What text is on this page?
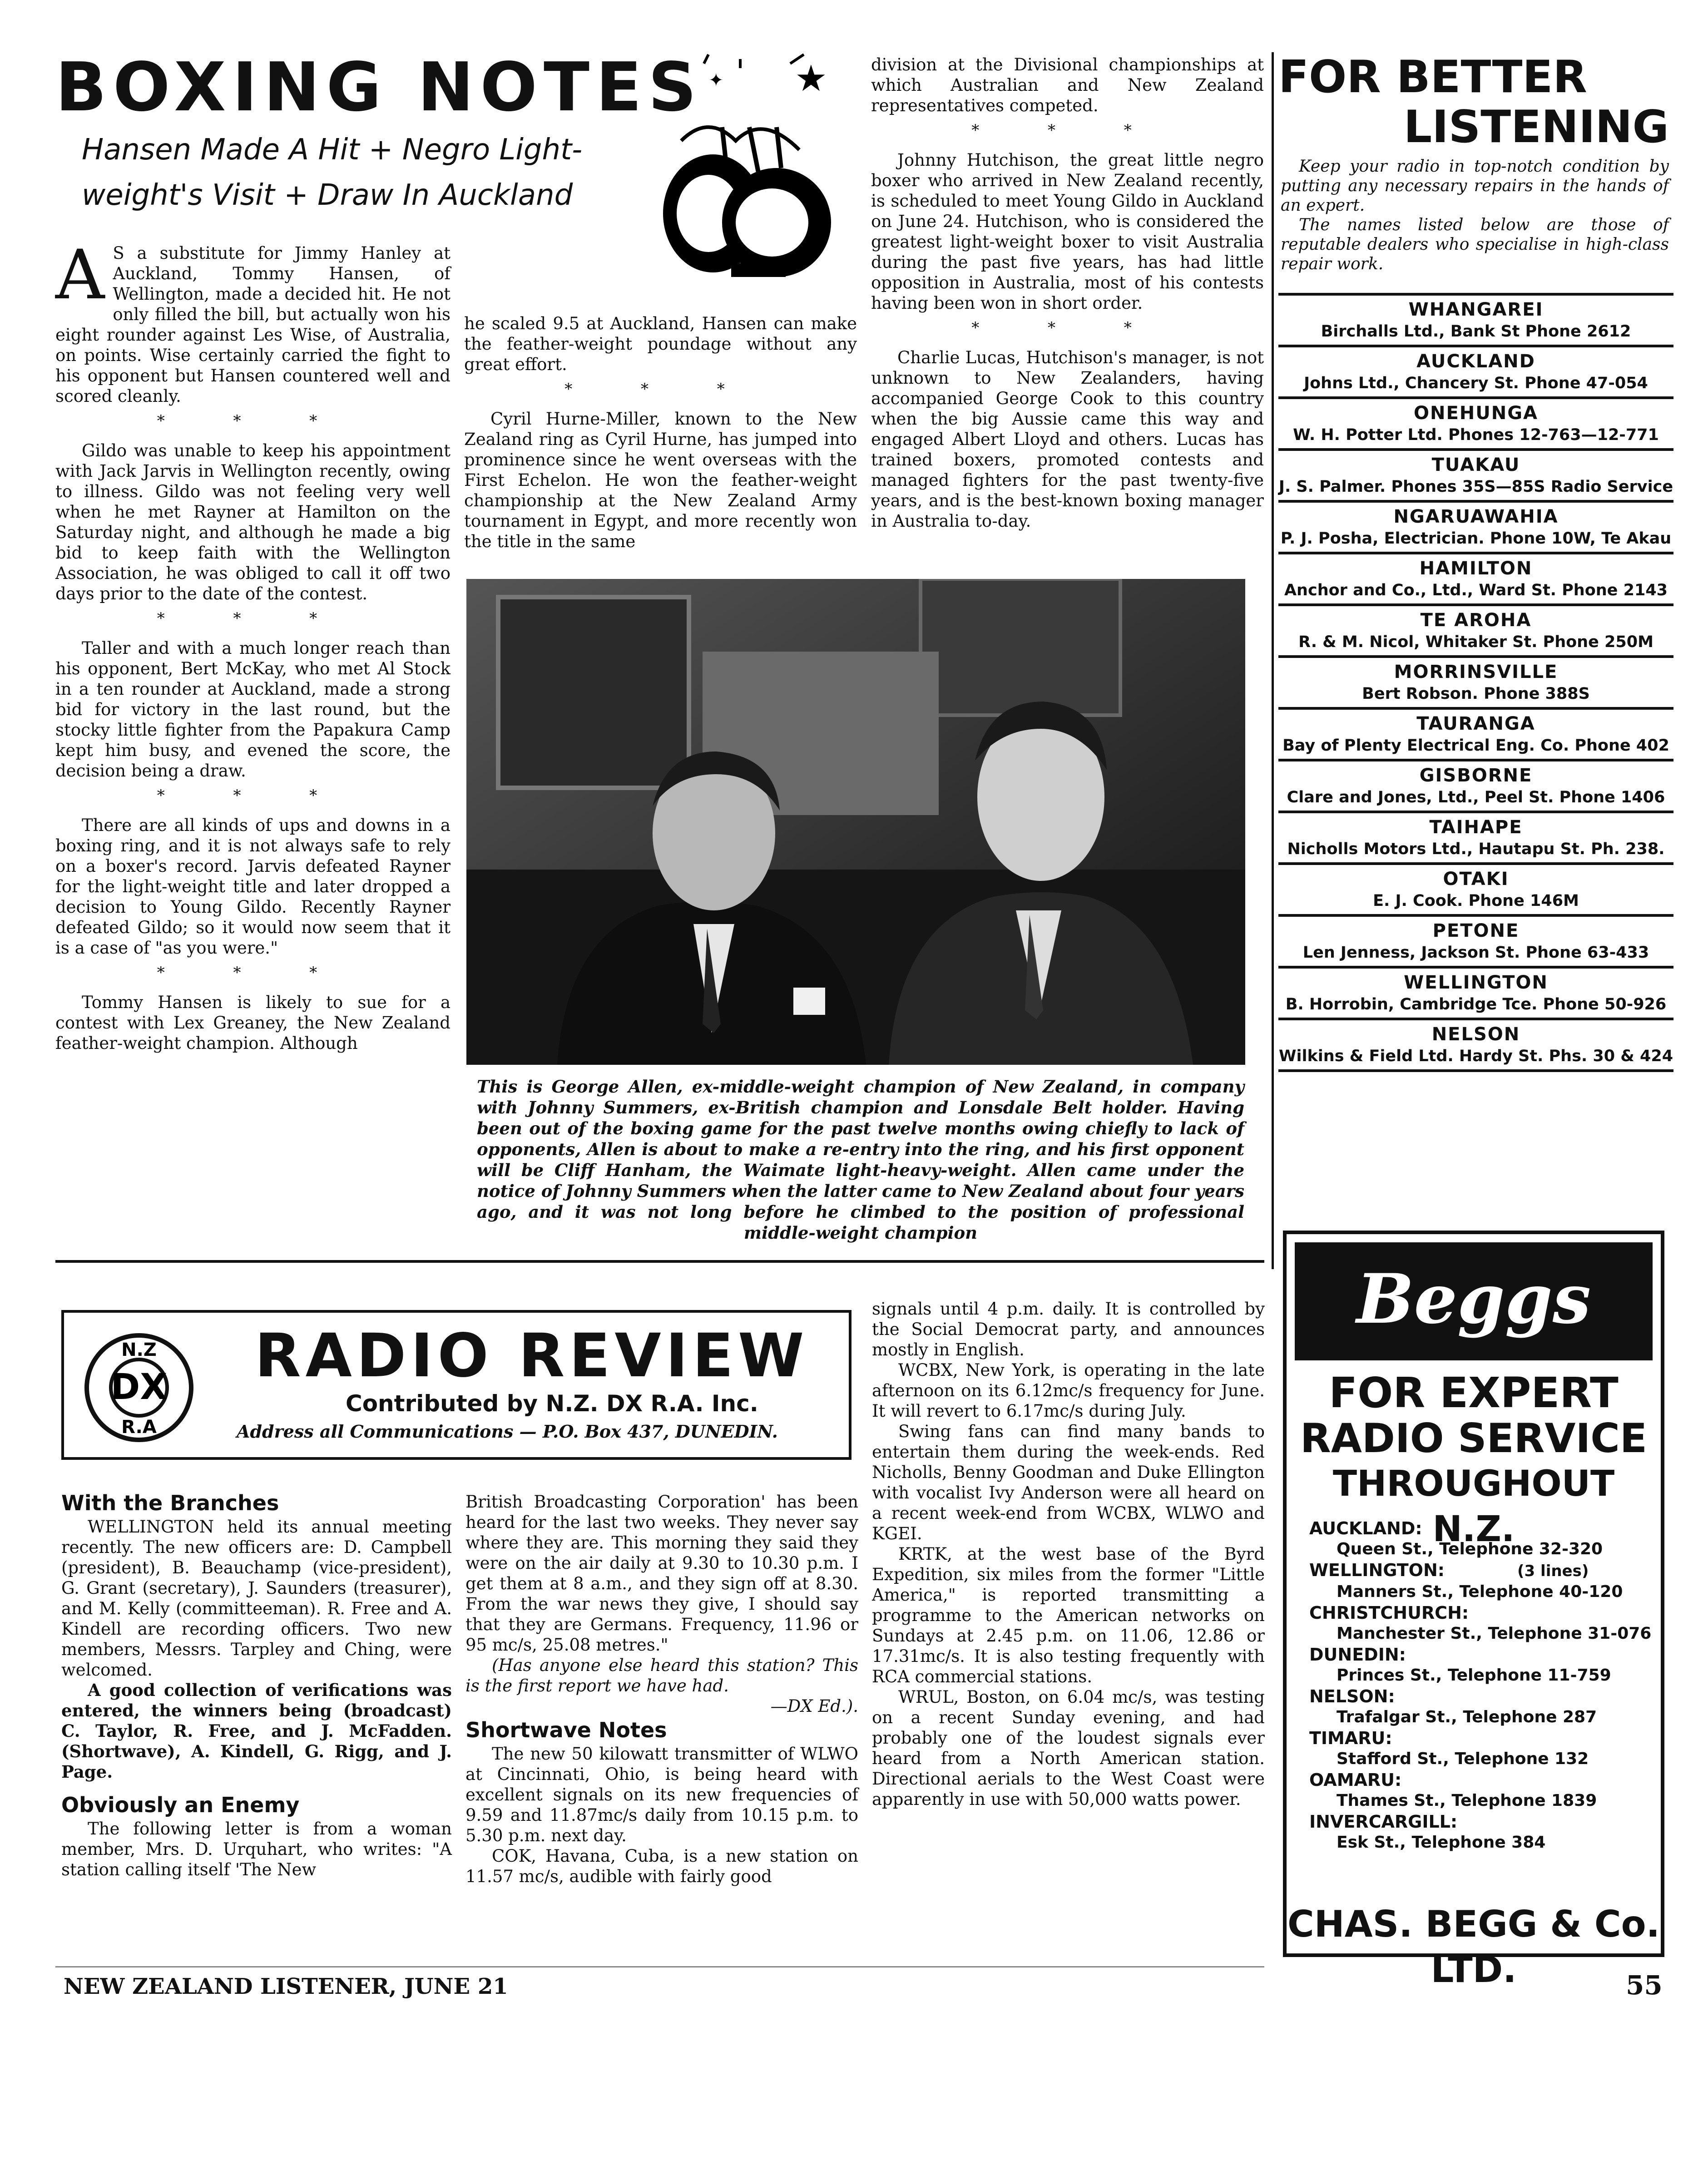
BOXING NOTES
Hansen Made A Hit + Negro Light-
weight's Visit + Draw In Auckland
★
✦

A S a substitute for Jimmy Hanley at Auckland, Tommy Hansen, of Wellington, made a decided hit. He not only filled the bill, but actually won his eight rounder against Les Wise, of Australia, on points. Wise certainly carried the fight to his opponent but Hansen countered well and scored cleanly.

* * *

Gildo was unable to keep his appointment with Jack Jarvis in Wellington recently, owing to illness. Gildo was not feeling very well when he met Rayner at Hamilton on the Saturday night, and although he made a big bid to keep faith with the Wellington Association, he was obliged to call it off two days prior to the date of the contest.

* * *

Taller and with a much longer reach than his opponent, Bert McKay, who met Al Stock in a ten rounder at Auckland, made a strong bid for victory in the last round, but the stocky little fighter from the Papakura Camp kept him busy, and evened the score, the decision being a draw.

* * *

There are all kinds of ups and downs in a boxing ring, and it is not always safe to rely on a boxer's record. Jarvis defeated Rayner for the light-weight title and later dropped a decision to Young Gildo. Recently Rayner defeated Gildo; so it would now seem that it is a case of "as you were."

* * *

Tommy Hansen is likely to sue for a contest with Lex Greaney, the New Zealand feather-weight champion. Although

he scaled 9.5 at Auckland, Hansen can make the feather-weight poundage without any great effort.

* * *

Cyril Hurne-Miller, known to the New Zealand ring as Cyril Hurne, has jumped into prominence since he went overseas with the First Echelon. He won the feather-weight championship at the New Zealand Army tournament in Egypt, and more recently won the title in the same

division at the Divisional championships at which Australian and New Zealand representatives competed.

* * *

Johnny Hutchison, the great little negro boxer who arrived in New Zealand recently, is scheduled to meet Young Gildo in Auckland on June 24. Hutchison, who is considered the greatest light-weight boxer to visit Australia during the past five years, has had little opposition in Australia, most of his contests having been won in short order.

* * *

Charlie Lucas, Hutchison's manager, is not unknown to New Zealanders, having accompanied George Cook to this country when the big Aussie came this way and engaged Albert Lloyd and others. Lucas has trained boxers, promoted contests and managed fighters for the past twenty-five years, and is the best-known boxing manager in Australia to-day.

This is George Allen, ex-middle-weight champion of New Zealand, in company with Johnny Summers, ex-British champion and Lonsdale Belt holder. Having been out of the boxing game for the past twelve months owing chiefly to lack of opponents, Allen is about to make a re-entry into the ring, and his first opponent will be Cliff Hanham, the Waimate light-heavy-weight. Allen came under the notice of Johnny Summers when the latter came to New Zealand about four years ago, and it was not long before he climbed to the position of professional middle-weight champion
FOR BETTER
LISTENING
Keep your radio in top-notch condition by putting any necessary repairs in the hands of an expert.
The names listed below are those of reputable dealers who specialise in high-class repair work.
WHANGAREI
Birchalls Ltd., Bank St Phone 2612
AUCKLAND
Johns Ltd., Chancery St. Phone 47-054
ONEHUNGA
W. H. Potter Ltd. Phones 12-763—12-771
TUAKAU
J. S. Palmer. Phones 35S—85S Radio Service
NGARUAWAHIA
P. J. Posha, Electrician. Phone 10W, Te Akau
HAMILTON
Anchor and Co., Ltd., Ward St. Phone 2143
TE AROHA
R. & M. Nicol, Whitaker St. Phone 250M
MORRINSVILLE
Bert Robson. Phone 388S
TAURANGA
Bay of Plenty Electrical Eng. Co. Phone 402
GISBORNE
Clare and Jones, Ltd., Peel St. Phone 1406
TAIHAPE
Nicholls Motors Ltd., Hautapu St. Ph. 238.
OTAKI
E. J. Cook. Phone 146M
PETONE
Len Jenness, Jackson St. Phone 63-433
WELLINGTON
B. Horrobin, Cambridge Tce. Phone 50-926
NELSON
Wilkins & Field Ltd. Hardy St. Phs. 30 & 424
N.Z
DX
R.A
RADIO REVIEW
Contributed by N.Z. DX R.A. Inc.
Address all Communications — P.O. Box 437, DUNEDIN.
With the Branches

WELLINGTON held its annual meeting recently. The new officers are: D. Campbell (president), B. Beauchamp (vice-president), G. Grant (secretary), J. Saunders (treasurer), and M. Kelly (committeeman). R. Free and A. Kindell are recording officers. Two new members, Messrs. Tarpley and Ching, were welcomed.

A good collection of verifications was entered, the winners being (broadcast) C. Taylor, R. Free, and J. McFadden. (Shortwave), A. Kindell, G. Rigg, and J. Page.

Obviously an Enemy

The following letter is from a woman member, Mrs. D. Urquhart, who writes: "A station calling itself 'The New

British Broadcasting Corporation' has been heard for the last two weeks. They never say where they are. This morning they said they were on the air daily at 9.30 to 10.30 p.m. I get them at 8 a.m., and they sign off at 8.30. From the war news they give, I should say that they are Germans. Frequency, 11.96 or 95 mc/s, 25.08 metres."

(Has anyone else heard this station? This is the first report we have had.

—DX Ed.).
Shortwave Notes

The new 50 kilowatt transmitter of WLWO at Cincinnati, Ohio, is being heard with excellent signals on its new frequencies of 9.59 and 11.87mc/s daily from 10.15 p.m. to 5.30 p.m. next day.

COK, Havana, Cuba, is a new station on 11.57 mc/s, audible with fairly good

signals until 4 p.m. daily. It is controlled by the Social Democrat party, and announces mostly in English.

WCBX, New York, is operating in the late afternoon on its 6.12mc/s frequency for June. It will revert to 6.17mc/s during July.

Swing fans can find many bands to entertain them during the week-ends. Red Nicholls, Benny Goodman and Duke Ellington with vocalist Ivy Anderson were all heard on a recent week-end from WCBX, WLWO and KGEI.

KRTK, at the west base of the Byrd Expedition, six miles from the former "Little America," is reported transmitting a programme to the American networks on Sundays at 2.45 p.m. on 11.06, 12.86 or 17.31mc/s. It is also testing frequently with RCA commercial stations.

WRUL, Boston, on 6.04 mc/s, was testing on a recent Sunday evening, and had probably one of the loudest signals ever heard from a North American station. Directional aerials to the West Coast were apparently in use with 50,000 watts power.

Beggs
FOR EXPERT
RADIO SERVICE
THROUGHOUT N.Z.
AUCKLAND:
Queen St., Telephone 32-320
WELLINGTON:	(3 lines)
Manners St., Telephone 40-120
CHRISTCHURCH:
Manchester St., Telephone 31-076
DUNEDIN:
Princes St., Telephone 11-759
NELSON:
Trafalgar St., Telephone 287
TIMARU:
Stafford St., Telephone 132
OAMARU:
Thames St., Telephone 1839
INVERCARGILL:
Esk St., Telephone 384
CHAS. BEGG & Co. LTD.
NEW ZEALAND LISTENER, JUNE 21	55
